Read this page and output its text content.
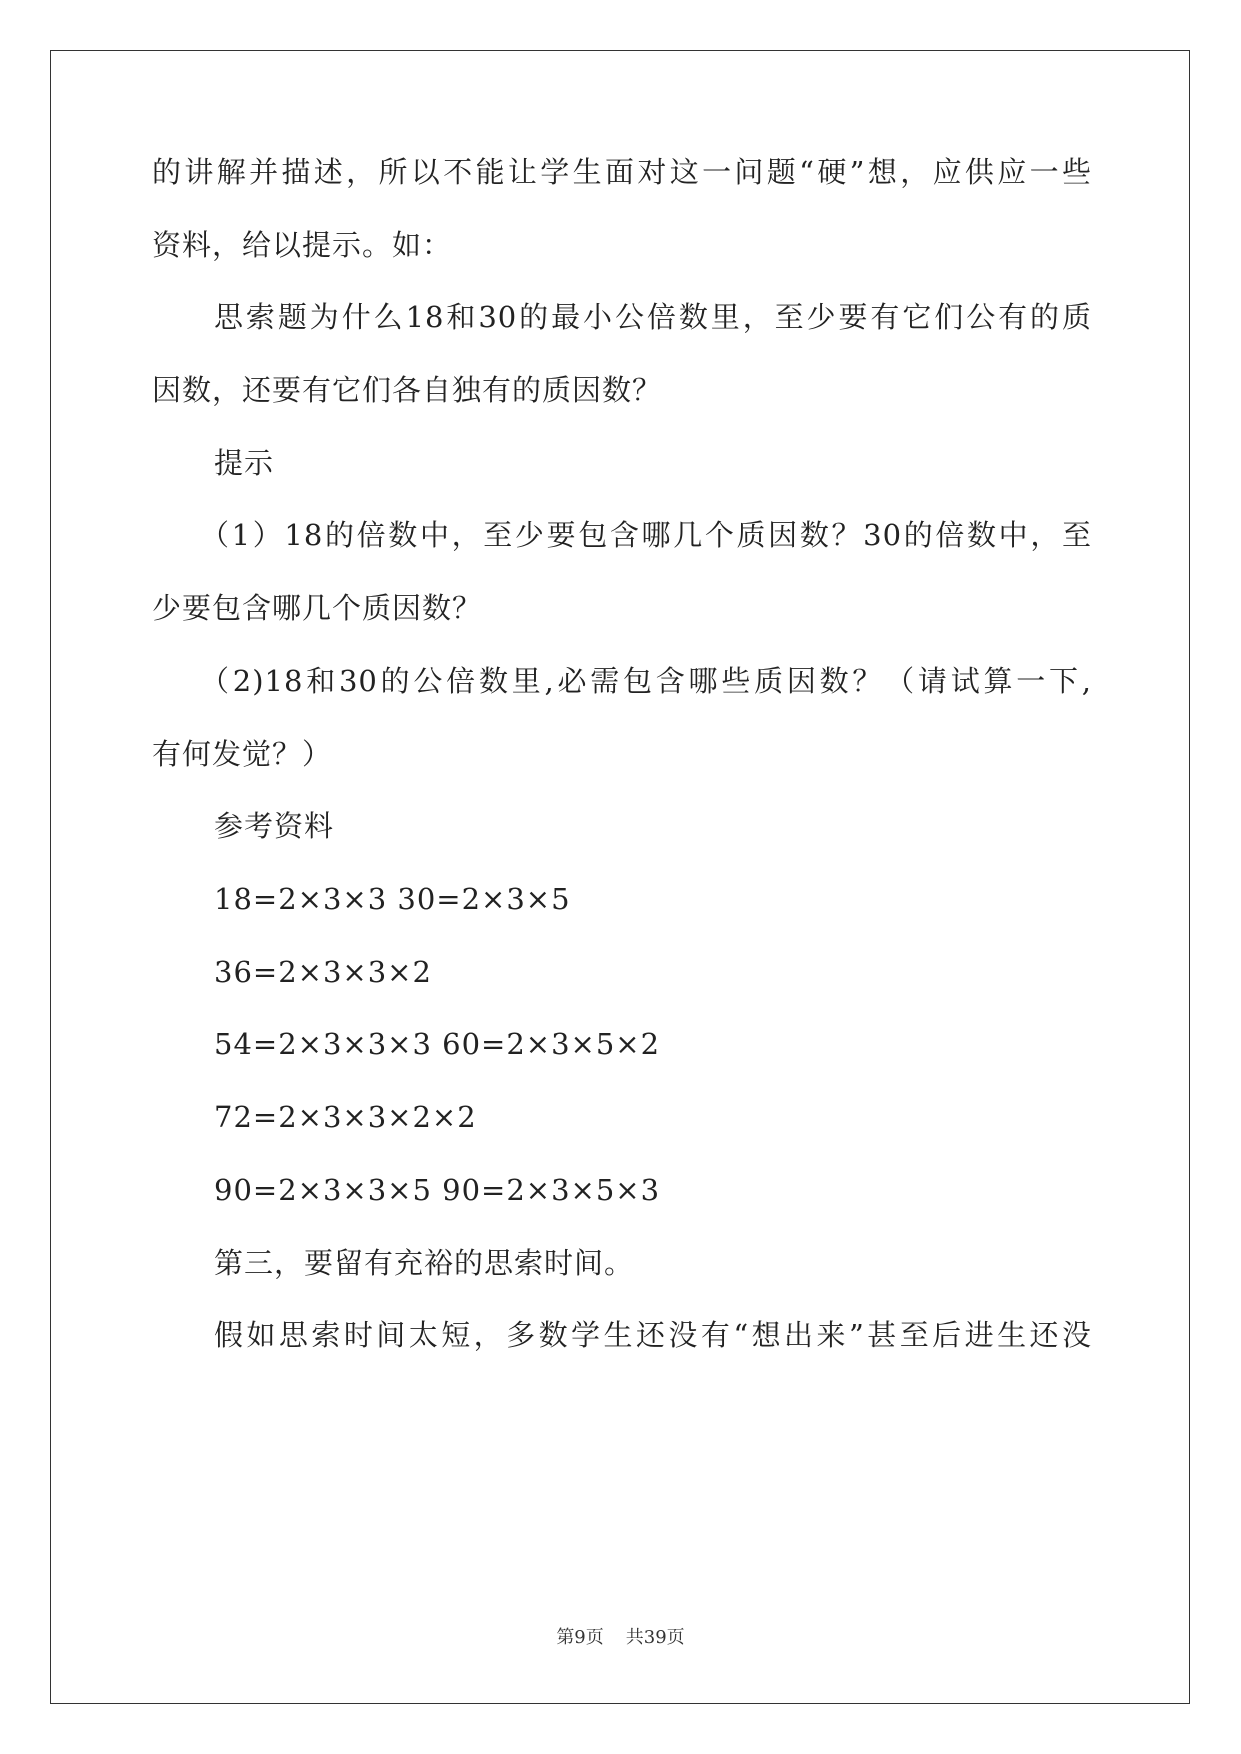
的讲解并描述，所以不能让学生面对这一问题“硬”想，应供应一些
资料，给以提示。如：
思索题为什么18和30的最小公倍数里，至少要有它们公有的质
因数，还要有它们各自独有的质因数？
提示
（1）18的倍数中，至少要包含哪几个质因数？30的倍数中，至
少要包含哪几个质因数？
（2)18和30的公倍数里,必需包含哪些质因数？（请试算一下,
有何发觉？）
参考资料
18=2×3×3 30=2×3×5
36=2×3×3×2
54=2×3×3×3 60=2×3×5×2
72=2×3×3×2×2
90=2×3×3×5 90=2×3×5×3
第三，要留有充裕的思索时间。
假如思索时间太短，多数学生还没有“想出来”甚至后进生还没
第9页 共39页
